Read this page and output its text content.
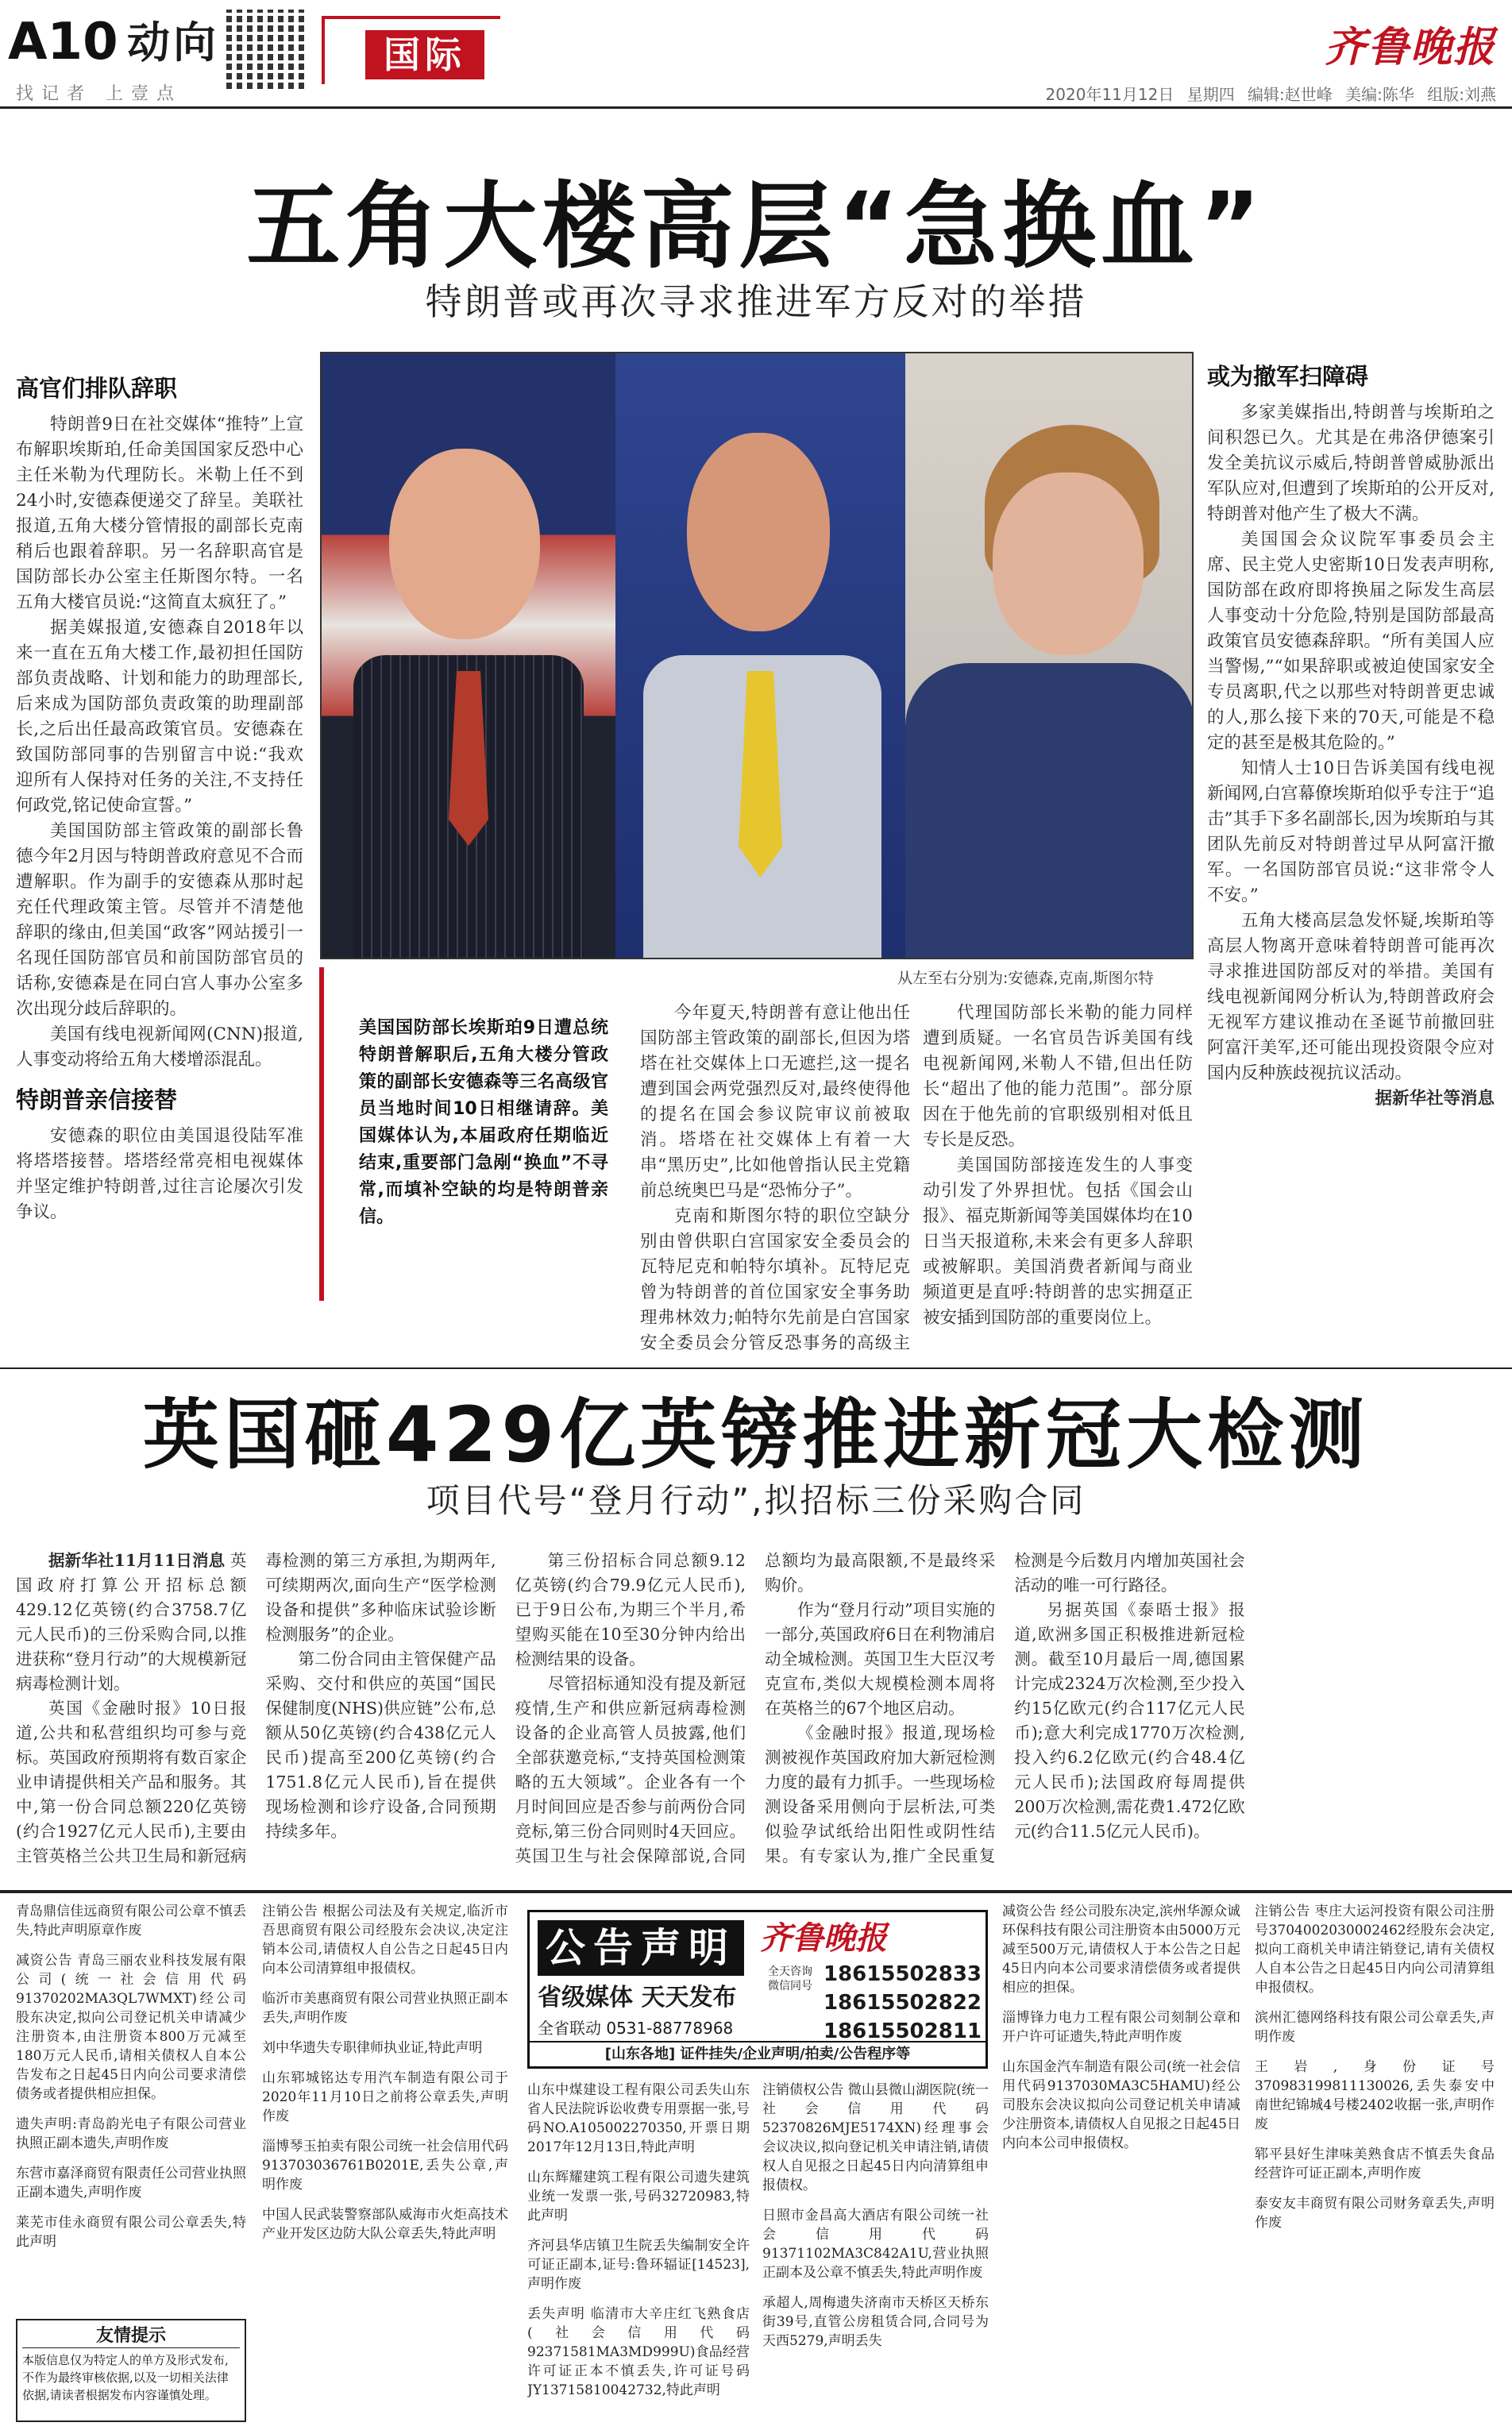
A10 动向	国际	齐鲁晚报
找记者 上壹点	2020年11月12日 星期四 编辑:赵世峰 美编:陈华 组版:刘燕
五角大楼高层“急换血”
特朗普或再次寻求推进军方反对的举措
高官们排队辞职

特朗普9日在社交媒体“推特”上宣布解职埃斯珀,任命美国国家反恐中心主任米勒为代理防长。米勒上任不到24小时,安德森便递交了辞呈。美联社报道,五角大楼分管情报的副部长克南稍后也跟着辞职。另一名辞职高官是国防部长办公室主任斯图尔特。一名五角大楼官员说:“这简直太疯狂了。”

据美媒报道,安德森自2018年以来一直在五角大楼工作,最初担任国防部负责战略、计划和能力的助理部长,后来成为国防部负责政策的助理副部长,之后出任最高政策官员。安德森在致国防部同事的告别留言中说:“我欢迎所有人保持对任务的关注,不支持任何政党,铭记使命宣誓。”

美国国防部主管政策的副部长鲁德今年2月因与特朗普政府意见不合而遭解职。作为副手的安德森从那时起充任代理政策主管。尽管并不清楚他辞职的缘由,但美国“政客”网站援引一名现任国防部官员和前国防部官员的话称,安德森是在同白宫人事办公室多次出现分歧后辞职的。

美国有线电视新闻网(CNN)报道,人事变动将给五角大楼增添混乱。

特朗普亲信接替

安德森的职位由美国退役陆军准将塔塔接替。塔塔经常亮相电视媒体并坚定维护特朗普,过往言论屡次引发争议。

从左至右分别为:安德森,克南,斯图尔特
美国国防部长埃斯珀9日遭总统特朗普解职后,五角大楼分管政策的副部长安德森等三名高级官员当地时间10日相继请辞。美国媒体认为,本届政府任期临近结束,重要部门急剐“换血”不寻常,而填补空缺的均是特朗普亲信。

今年夏天,特朗普有意让他出任国防部主管政策的副部长,但因为塔塔在社交媒体上口无遮拦,这一提名遭到国会两党强烈反对,最终使得他的提名在国会参议院审议前被取消。塔塔在社交媒体上有着一大串“黑历史”,比如他曾指认民主党籍前总统奥巴马是“恐怖分子”。

克南和斯图尔特的职位空缺分别由曾供职白宫国家安全委员会的瓦特尼克和帕特尔填补。瓦特尼克曾为特朗普的首位国家安全事务助理弗林效力;帕特尔先前是白宫国家安全委员会分管反恐事务的高级主

代理国防部长米勒的能力同样遭到质疑。一名官员告诉美国有线电视新闻网,米勒人不错,但出任防长“超出了他的能力范围”。部分原因在于他先前的官职级别相对低且专长是反恐。

美国国防部接连发生的人事变动引发了外界担忧。包括《国会山报》、福克斯新闻等美国媒体均在10日当天报道称,未来会有更多人辞职或被解职。美国消费者新闻与商业频道更是直呼:特朗普的忠实拥趸正被安插到国防部的重要岗位上。

或为撤军扫障碍

多家美媒指出,特朗普与埃斯珀之间积怨已久。尤其是在弗洛伊德案引发全美抗议示威后,特朗普曾威胁派出军队应对,但遭到了埃斯珀的公开反对,特朗普对他产生了极大不满。

美国国会众议院军事委员会主席、民主党人史密斯10日发表声明称,国防部在政府即将换届之际发生高层人事变动十分危险,特别是国防部最高政策官员安德森辞职。“所有美国人应当警惕,”“如果辞职或被迫使国家安全专员离职,代之以那些对特朗普更忠诚的人,那么接下来的70天,可能是不稳定的甚至是极其危险的。”

知情人士10日告诉美国有线电视新闻网,白宫幕僚埃斯珀似乎专注于“追击”其手下多名副部长,因为埃斯珀与其团队先前反对特朗普过早从阿富汗撤军。一名国防部官员说:“这非常令人不安。”

五角大楼高层急发怀疑,埃斯珀等高层人物离开意味着特朗普可能再次寻求推进国防部反对的举措。美国有线电视新闻网分析认为,特朗普政府会无视军方建议推动在圣诞节前撤回驻阿富汗美军,还可能出现投资限令应对国内反种族歧视抗议活动。

据新华社等消息
英国砸429亿英镑推进新冠大检测
项目代号“登月行动”,拟招标三份采购合同

据新华社11月11日消息 英国政府打算公开招标总额429.12亿英镑(约合3758.7亿元人民币)的三份采购合同,以推进获称“登月行动”的大规模新冠病毒检测计划。

英国《金融时报》10日报道,公共和私营组织均可参与竞标。英国政府预期将有数百家企业申请提供相关产品和服务。其中,第一份合同总额220亿英镑(约合1927亿元人民币),主要由主管英格兰公共卫生局和新冠病毒检测的第三方承担,为期两年,可续期两次,面向生产“医学检测设备和提供”多种临床试验诊断检测服务”的企业。

第二份合同由主管保健产品采购、交付和供应的英国“国民保健制度(NHS)供应链”公布,总额从50亿英镑(约合438亿元人民币)提高至200亿英镑(约合1751.8亿元人民币),旨在提供现场检测和诊疗设备,合同预期持续多年。

第三份招标合同总额9.12亿英镑(约合79.9亿元人民币),已于9日公布,为期三个半月,希望购买能在10至30分钟内给出检测结果的设备。

尽管招标通知没有提及新冠疫情,生产和供应新冠病毒检测设备的企业高管人员披露,他们全部获邀竞标,“支持英国检测策略的五大领域”。企业各有一个月时间回应是否参与前两份合同竞标,第三份合同则时4天回应。英国卫生与社会保障部说,合同总额均为最高限额,不是最终采购价。

作为“登月行动”项目实施的一部分,英国政府6日在利物浦启动全城检测。英国卫生大臣汉考克宣布,类似大规模检测本周将在英格兰的67个地区启动。

《金融时报》报道,现场检测被视作英国政府加大新冠检测力度的最有力抓手。一些现场检测设备采用侧向于层析法,可类似验孕试纸给出阳性或阴性结果。有专家认为,推广全民重复检测是今后数月内增加英国社会活动的唯一可行路径。

另据英国《泰晤士报》报道,欧洲多国正积极推进新冠检测。截至10月最后一周,德国累计完成2324万次检测,至少投入约15亿欧元(约合117亿元人民币);意大利完成1770万次检测,投入约6.2亿欧元(约合48.4亿元人民币);法国政府每周提供200万次检测,需花费1.472亿欧元(约合11.5亿元人民币)。

青岛鼎信佳远商贸有限公司公章不慎丢失,特此声明原章作废
减资公告 青岛三丽农业科技发展有限公司(统一社会信用代码91370202MA3QL7WMXT)经公司股东决定,拟向公司登记机关申请减少注册资本,由注册资本800万元减至180万元人民币,请相关债权人自本公告发布之日起45日内向公司要求清偿债务或者提供相应担保。
遗失声明:青岛韵光电子有限公司营业执照正副本遗失,声明作废
东营市嘉泽商贸有限责任公司营业执照正副本遗失,声明作废
莱芜市佳永商贸有限公司公章丢失,特此声明
注销公告 根据公司法及有关规定,临沂市吾思商贸有限公司经股东会决议,决定注销本公司,请债权人自公告之日起45日内向本公司清算组申报债权。
临沂市美惠商贸有限公司营业执照正副本丢失,声明作废
刘中华遗失专职律师执业证,特此声明
山东郓城铭达专用汽车制造有限公司于2020年11月10日之前将公章丢失,声明作废
淄博琴玉拍卖有限公司统一社会信用代码913703036761B0201E,丢失公章,声明作废
中国人民武装警察部队威海市火炬高技术产业开发区边防大队公章丢失,特此声明
公告声明 齐鲁晚报
省级媒体 天天发布
全省联动 0531-88778968
全天咨询 微信同号 18615502833
18615502822
18615502811
[山东各地] 证件挂失/企业声明/拍卖/公告程序等
山东中煤建设工程有限公司丢失山东省人民法院诉讼收费专用票据一张,号码NO.A105002270350,开票日期2017年12月13日,特此声明
山东辉耀建筑工程有限公司遗失建筑业统一发票一张,号码32720983,特此声明
齐河县华店镇卫生院丢失编制安全许可证正副本,证号:鲁环辐证[14523],声明作废
丢失声明 临清市大辛庄红飞熟食店(社会信用代码92371581MA3MD999U)食品经营许可证正本不慎丢失,许可证号码JY13715810042732,特此声明
注销债权公告 微山县微山湖医院(统一社会信用代码52370826MJE5174XN)经理事会会议决议,拟向登记机关申请注销,请债权人自见报之日起45日内向清算组申报债权。
日照市金昌高大酒店有限公司统一社会信用代码91371102MA3C842A1U,营业执照正副本及公章不慎丢失,特此声明作废
承超人,周梅遗失济南市天桥区天桥东街39号,直管公房租赁合同,合同号为天西5279,声明丢失
减资公告 经公司股东决定,滨州华源众诚环保科技有限公司注册资本由5000万元减至500万元,请债权人于本公告之日起45日内向本公司要求清偿债务或者提供相应的担保。
淄博锋力电力工程有限公司刻制公章和开户许可证遗失,特此声明作废
山东国金汽车制造有限公司(统一社会信用代码9137030MA3C5HAMU)经公司股东会决议拟向公司登记机关申请减少注册资本,请债权人自见报之日起45日内向本公司申报债权。
注销公告 枣庄大运河投资有限公司注册号3704002030002462经股东会决定,拟向工商机关申请注销登记,请有关债权人自本公告之日起45日内向公司清算组申报债权。
滨州汇德网络科技有限公司公章丢失,声明作废
王岩,身份证号370983199811130026,丢失泰安中南世纪锦城4号楼2402收据一张,声明作废
郓平县好生津味美熟食店不慎丢失食品经营许可证正副本,声明作废
泰安友丰商贸有限公司财务章丢失,声明作废
友情提示
本版信息仅为特定人的单方及形式发布,不作为最终审核依据,以及一切相关法律依据,请读者根据发布内容谨慎处理。
